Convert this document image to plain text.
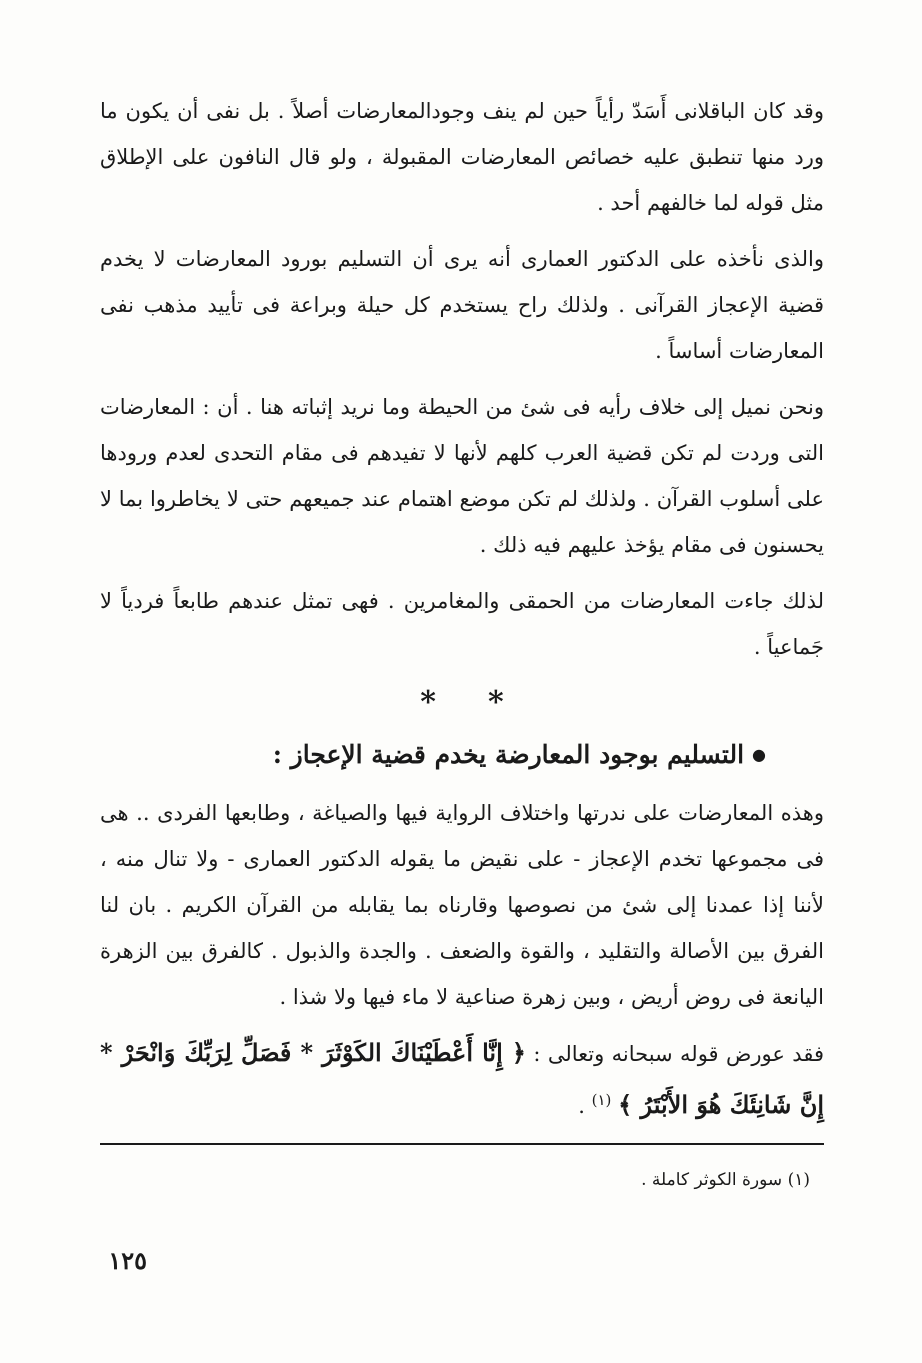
وقد كان الباقلانى أَسَدّ رأياً حين لم ينف وجودالمعارضات أصلاً . بل نفى أن يكون ما ورد منها تنطبق عليه خصائص المعارضات المقبولة ، ولو قال النافون على الإطلاق مثل قوله لما خالفهم أحد .

والذى نأخذه على الدكتور العمارى أنه يرى أن التسليم بورود المعارضات لا يخدم قضية الإعجاز القرآنى . ولذلك راح يستخدم كل حيلة وبراعة فى تأييد مذهب نفى المعارضات أساساً .

ونحن نميل إلى خلاف رأيه فى شئ من الحيطة وما نريد إثباته هنا . أن : المعارضات التى وردت لم تكن قضية العرب كلهم لأنها لا تفيدهم فى مقام التحدى لعدم ورودها على أسلوب القرآن . ولذلك لم تكن موضع اهتمام عند جميعهم حتى لا يخاطروا بما لا يحسنون فى مقام يؤخذ عليهم فيه ذلك .

لذلك جاءت المعارضات من الحمقى والمغامرين . فهى تمثل عندهم طابعاً فردياً لا جَماعياً .

* *
●
التسليم بوجود المعارضة يخدم قضية الإعجاز :

وهذه المعارضات على ندرتها واختلاف الرواية فيها والصياغة ، وطابعها الفردى .. هى فى مجموعها تخدم الإعجاز - على نقيض ما يقوله الدكتور العمارى - ولا تنال منه ، لأننا إذا عمدنا إلى شئ من نصوصها وقارناه بما يقابله من القرآن الكريم . بان لنا الفرق بين الأصالة والتقليد ، والقوة والضعف . والجدة والذبول . كالفرق بين الزهرة اليانعة فى روض أريض ، وبين زهرة صناعية لا ماء فيها ولا شذا .

فقد عورض قوله سبحانه وتعالى : ﴿ إِنَّا أَعْطَيْنَاكَ الكَوْثَرَ * فَصَلِّ لِرَبِّكَ وَانْحَرْ * إِنَّ شَانِئَكَ هُوَ الأَبْتَرُ ﴾ $^{(١)}$ .

(١) سورة الكوثر كاملة .
١٢٥
